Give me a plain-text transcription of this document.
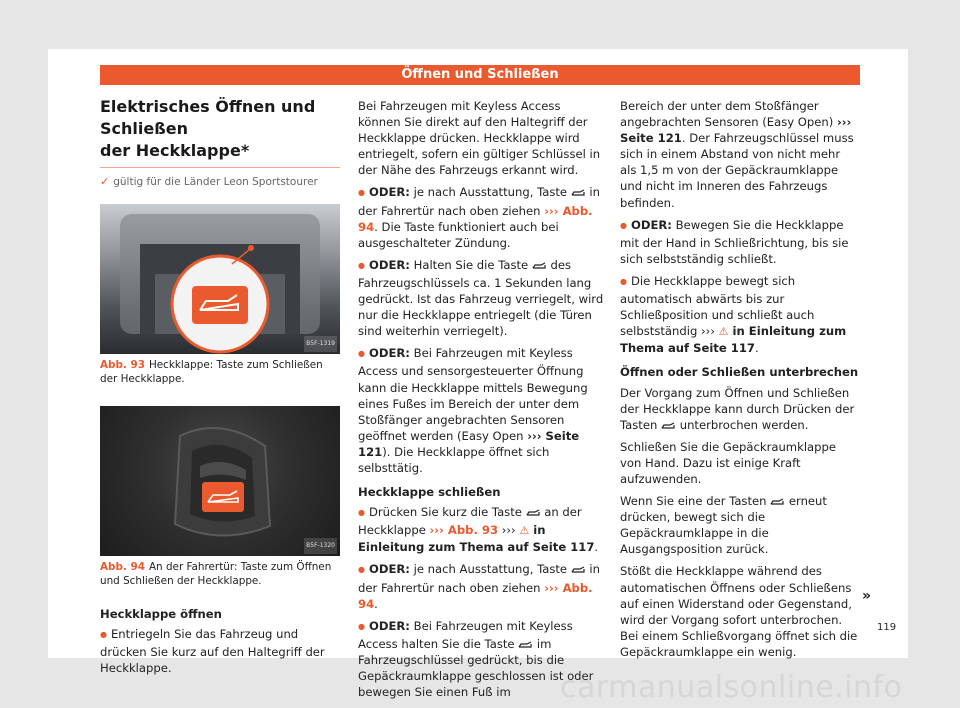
Öffnen und Schließen
Elektrisches Öffnen und Schließen
der Heckklappe*
✓ gültig für die Länder Leon Sportstourer
B5F-1319
Abb. 93 Heckklappe: Taste zum Schließen der Heckklappe.
B5F-1320
Abb. 94 An der Fahrertür: Taste zum Öffnen und Schließen der Heckklappe.
Heckklappe öffnen

● Entriegeln Sie das Fahrzeug und drücken Sie kurz auf den Haltegriff der Heckklappe.

Bei Fahrzeugen mit Keyless Access können Sie direkt auf den Haltegriff der Heckklappe drücken. Heckklappe wird entriegelt, sofern ein gültiger Schlüssel in der Nähe des Fahrzeugs erkannt wird.

● ODER: je nach Ausstattung, Taste  in der Fahrertür nach oben ziehen ››› Abb. 94. Die Taste funktioniert auch bei ausgeschalteter Zündung.

● ODER: Halten Sie die Taste  des Fahrzeugschlüssels ca. 1 Sekunden lang gedrückt. Ist das Fahrzeug verriegelt, wird nur die Heckklappe entriegelt (die Türen sind weiterhin verriegelt).

● ODER: Bei Fahrzeugen mit Keyless Access und sensorgesteuerter Öffnung kann die Heckklappe mittels Bewegung eines Fußes im Bereich der unter dem Stoßfänger angebrachten Sensoren geöffnet werden (Easy Open ››› Seite 121). Die Heckklappe öffnet sich selbsttätig.

Heckklappe schließen

● Drücken Sie kurz die Taste  an der Heckklappe ››› Abb. 93 ››› ⚠ in Einleitung zum Thema auf Seite 117.

● ODER: je nach Ausstattung, Taste  in der Fahrertür nach oben ziehen ››› Abb. 94.

● ODER: Bei Fahrzeugen mit Keyless Access halten Sie die Taste  im Fahrzeugschlüssel gedrückt, bis die Gepäckraumklappe geschlossen ist oder bewegen Sie einen Fuß im

Bereich der unter dem Stoßfänger angebrachten Sensoren (Easy Open) ››› Seite 121. Der Fahrzeugschlüssel muss sich in einem Abstand von nicht mehr als 1,5 m von der Gepäckraumklappe und nicht im Inneren des Fahrzeugs befinden.

● ODER: Bewegen Sie die Heckklappe mit der Hand in Schließrichtung, bis sie sich selbstständig schließt.

● Die Heckklappe bewegt sich automatisch abwärts bis zur Schließposition und schließt auch selbstständig ››› ⚠ in Einleitung zum Thema auf Seite 117.

Öffnen oder Schließen unterbrechen

Der Vorgang zum Öffnen und Schließen der Heckklappe kann durch Drücken der Tasten  unterbrochen werden.

Schließen Sie die Gepäckraumklappe von Hand. Dazu ist einige Kraft aufzuwenden.

Wenn Sie eine der Tasten  erneut drücken, bewegt sich die Gepäckraumklappe in die Ausgangsposition zurück.

Stößt die Heckklappe während des automatischen Öffnens oder Schließens auf einen Widerstand oder Gegenstand, wird der Vorgang sofort unterbrochen. Bei einem Schließvorgang öffnet sich die Gepäckraumklappe ein wenig.

»
119
carmanualsonline.info
